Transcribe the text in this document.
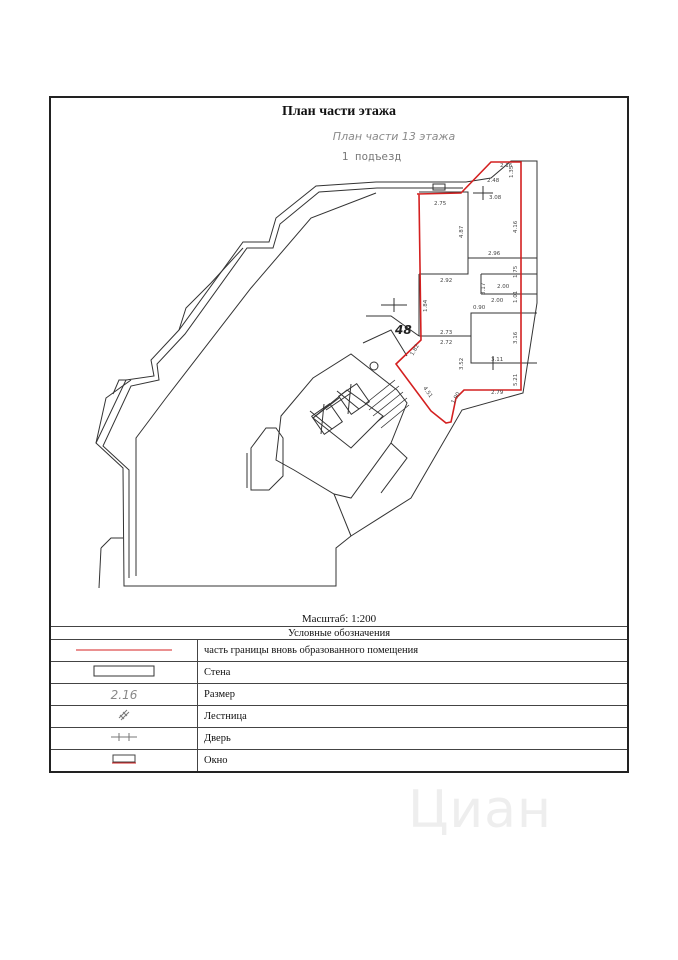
План части этажа
План части 13 этажа
1 подъезд
48
2.16
1.35
2.48
3.08
2.75
4.87	4.16
2.96
2.92
3.17
1.75
2.00
0.90
2.00 1.01
1.84
2.73
2.72	3.16
1.82
3.52	3.11
2.79
5.21
4.51	1.90
Масштаб: 1:200
Условные обозначения	
	часть границы вновь образованного помещения
	Стена
2.16	Размер
	Лестница
	Дверь
	Окно
Циан
